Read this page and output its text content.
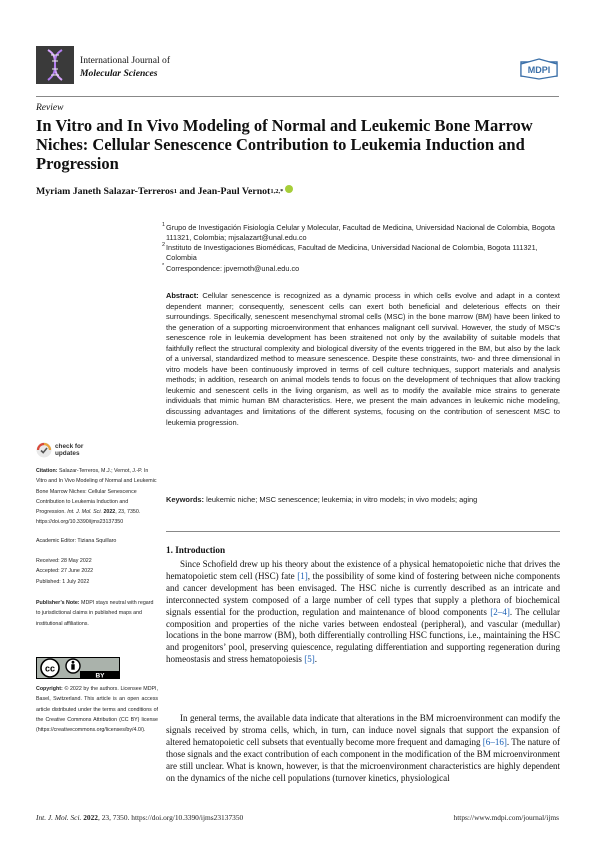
International Journal of
Molecular Sciences	MDPI
Review
In Vitro and In Vivo Modeling of Normal and Leukemic Bone Marrow Niches: Cellular Senescence Contribution to Leukemia Induction and Progression
Myriam Janeth Salazar-Terreros 1 and Jean-Paul Vernot 1,2,*
1 Grupo de Investigación Fisiología Celular y Molecular, Facultad de Medicina, Universidad Nacional de Colombia, Bogota 111321, Colombia; mjsalazart@unal.edu.co
2 Instituto de Investigaciones Biomédicas, Facultad de Medicina, Universidad Nacional de Colombia, Bogota 111321, Colombia
* Correspondence: jpvernoth@unal.edu.co
Abstract: Cellular senescence is recognized as a dynamic process in which cells evolve and adapt in a context dependent manner; consequently, senescent cells can exert both beneficial and deleterious effects on their surroundings. Specifically, senescent mesenchymal stromal cells (MSC) in the bone marrow (BM) have been linked to the generation of a supporting microenvironment that enhances malignant cell survival. However, the study of MSC’s senescence role in leukemia development has been straitened not only by the availability of suitable models that faithfully reflect the structural complexity and biological diversity of the events triggered in the BM, but also by the lack of a universal, standardized method to measure senescence. Despite these constraints, two- and three dimensional in vitro models have been continuously improved in terms of cell culture techniques, support materials and analysis methods; in addition, research on animal models tends to focus on the development of techniques that allow tracking leukemic and senescent cells in the living organism, as well as to modify the available mice strains to generate individuals that mimic human BM characteristics. Here, we present the main advances in leukemic niche modeling, discussing advantages and limitations of the different systems, focusing on the contribution of senescent MSC to leukemia progression.
Keywords: leukemic niche; MSC senescence; leukemia; in vitro models; in vivo models; aging
check for
updates
Citation: Salazar-Terreros, M.J.; Vernot, J.-P. In Vitro and In Vivo Modeling of Normal and Leukemic Bone Marrow Niches: Cellular Senescence Contribution to Leukemia Induction and Progression. Int. J. Mol. Sci. 2022, 23, 7350. https://doi.org/10.3390/ijms23137350
Academic Editor: Tiziana Squillaro
Received: 28 May 2022
Accepted: 27 June 2022
Published: 1 July 2022
Publisher’s Note: MDPI stays neutral with regard to jurisdictional claims in published maps and institutional affiliations.
cc
BY
Copyright: © 2022 by the authors. Licensee MDPI, Basel, Switzerland. This article is an open access article distributed under the terms and conditions of the Creative Commons Attribution (CC BY) license (https://creativecommons.org/licenses/by/4.0/).
1. Introduction
Since Schofield drew up his theory about the existence of a physical hematopoietic niche that drives the hematopoietic stem cell (HSC) fate [1], the possibility of some kind of fostering between niche components and cancer development has been envisaged. The HSC niche is currently described as an intricate and interconnected system composed of a large number of cell types that supply a plethora of biochemical signals essential for the production, regulation and maintenance of blood components [2–4]. The cellular composition and properties of the niche varies between endosteal (peripheral), and vascular (medullar) locations in the bone marrow (BM), both differentially controlling HSC functions, i.e., maintaining the HSC and progenitors’ pool, preserving quiescence, regulating differentiation and supporting regeneration during homeostasis and stress hematopoiesis [5].
In general terms, the available data indicate that alterations in the BM microenvironment can modify the signals received by stroma cells, which, in turn, can induce novel signals that support the expansion of altered hematopoietic cell subsets that eventually become more frequent and damaging [6–16]. The nature of those signals and the exact contribution of each component in the modification of the BM microenvironment are still unclear. What is known, however, is that the microenvironment characteristics are highly dependent on the dynamics of the niche cell populations (turnover kinetics, physiological
Int. J. Mol. Sci. 2022, 23, 7350. https://doi.org/10.3390/ijms23137350	https://www.mdpi.com/journal/ijms
